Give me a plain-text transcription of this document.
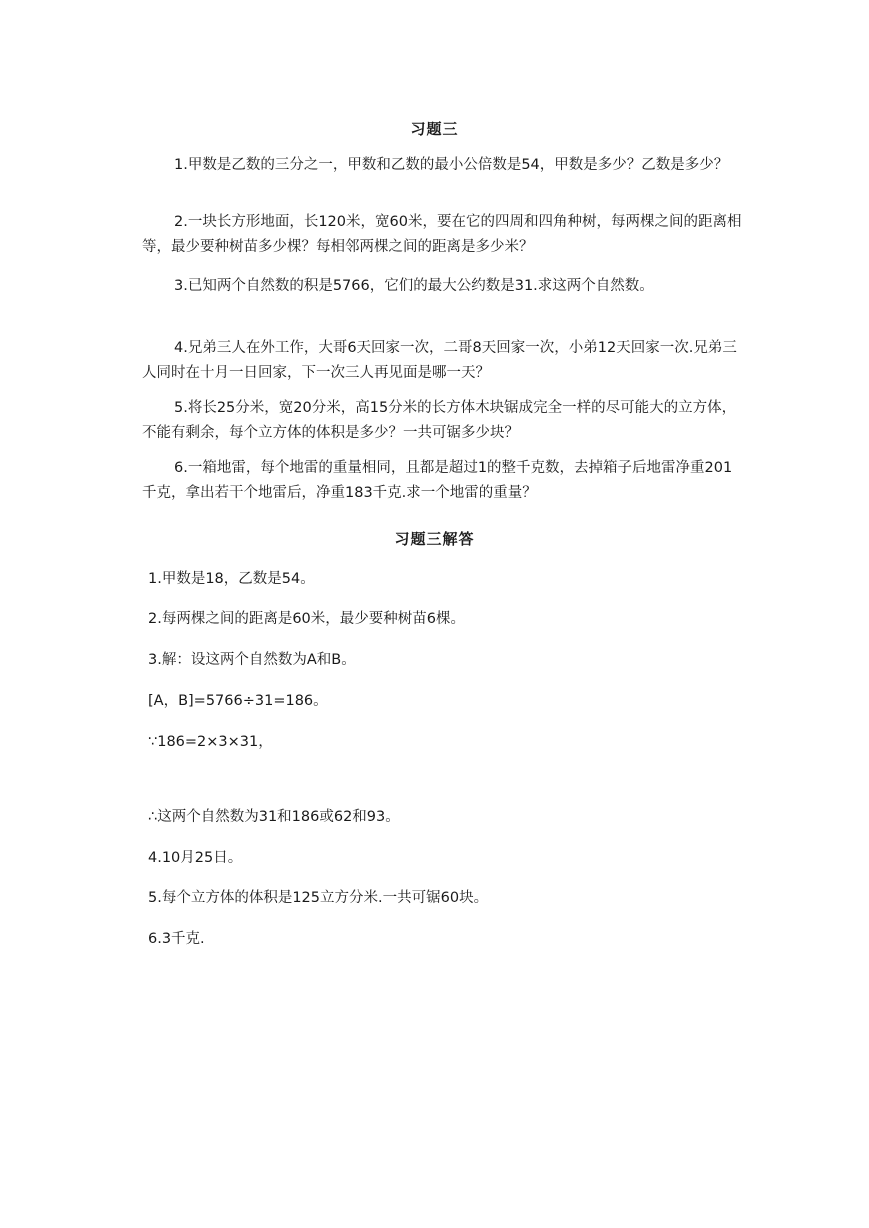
习题三

1.甲数是乙数的三分之一，甲数和乙数的最小公倍数是54，甲数是多少？乙数是多少？

2.一块长方形地面，长120米，宽60米，要在它的四周和四角种树，每两棵之间的距离相等，最少要种树苗多少棵？每相邻两棵之间的距离是多少米？

3.已知两个自然数的积是5766，它们的最大公约数是31.求这两个自然数。

4.兄弟三人在外工作，大哥6天回家一次，二哥8天回家一次，小弟12天回家一次.兄弟三人同时在十月一日回家，下一次三人再见面是哪一天？

5.将长25分米，宽20分米，高15分米的长方体木块锯成完全一样的尽可能大的立方体，不能有剩余，每个立方体的体积是多少？一共可锯多少块？

6.一箱地雷，每个地雷的重量相同，且都是超过1的整千克数，去掉箱子后地雷净重201千克，拿出若干个地雷后，净重183千克.求一个地雷的重量？

习题三解答

1.甲数是18，乙数是54。

2.每两棵之间的距离是60米，最少要种树苗6棵。

3.解：设这两个自然数为A和B。

[A，B]=5766÷31=186。

∵186=2×3×31，

∴这两个自然数为31和186或62和93。

4.10月25日。

5.每个立方体的体积是125立方分米.一共可锯60块。

6.3千克.
